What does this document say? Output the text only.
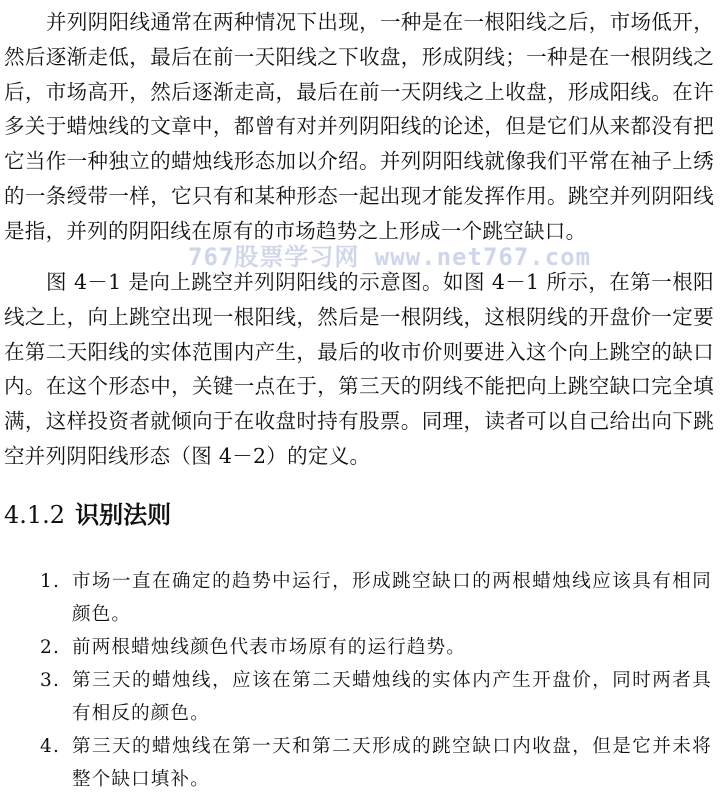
并列阴阳线通常在两种情况下出现，一种是在一根阳线之后，市场低开，然后逐渐走低，最后在前一天阳线之下收盘，形成阴线；一种是在一根阴线之后，市场高开，然后逐渐走高，最后在前一天阴线之上收盘，形成阳线。在许多关于蜡烛线的文章中，都曾有对并列阴阳线的论述，但是它们从来都没有把它当作一种独立的蜡烛线形态加以介绍。并列阴阳线就像我们平常在袖子上绣的一条绶带一样，它只有和某种形态一起出现才能发挥作用。跳空并列阴阳线是指，并列的阴阳线在原有的市场趋势之上形成一个跳空缺口。

767股票学习网 www.net767.com

图 4－1 是向上跳空并列阴阳线的示意图。如图 4－1 所示，在第一根阳线之上，向上跳空出现一根阳线，然后是一根阴线，这根阴线的开盘价一定要在第二天阳线的实体范围内产生，最后的收市价则要进入这个向上跳空的缺口内。在这个形态中，关键一点在于，第三天的阴线不能把向上跳空缺口完全填满，这样投资者就倾向于在收盘时持有股票。同理，读者可以自己给出向下跳空并列阴阳线形态（图 4－2）的定义。

4.1.2 识别法则
1. 市场一直在确定的趋势中运行，形成跳空缺口的两根蜡烛线应该具有相同颜色。
2. 前两根蜡烛线颜色代表市场原有的运行趋势。
3. 第三天的蜡烛线，应该在第二天蜡烛线的实体内产生开盘价，同时两者具有相反的颜色。
4. 第三天的蜡烛线在第一天和第二天形成的跳空缺口内收盘，但是它并未将整个缺口填补。
